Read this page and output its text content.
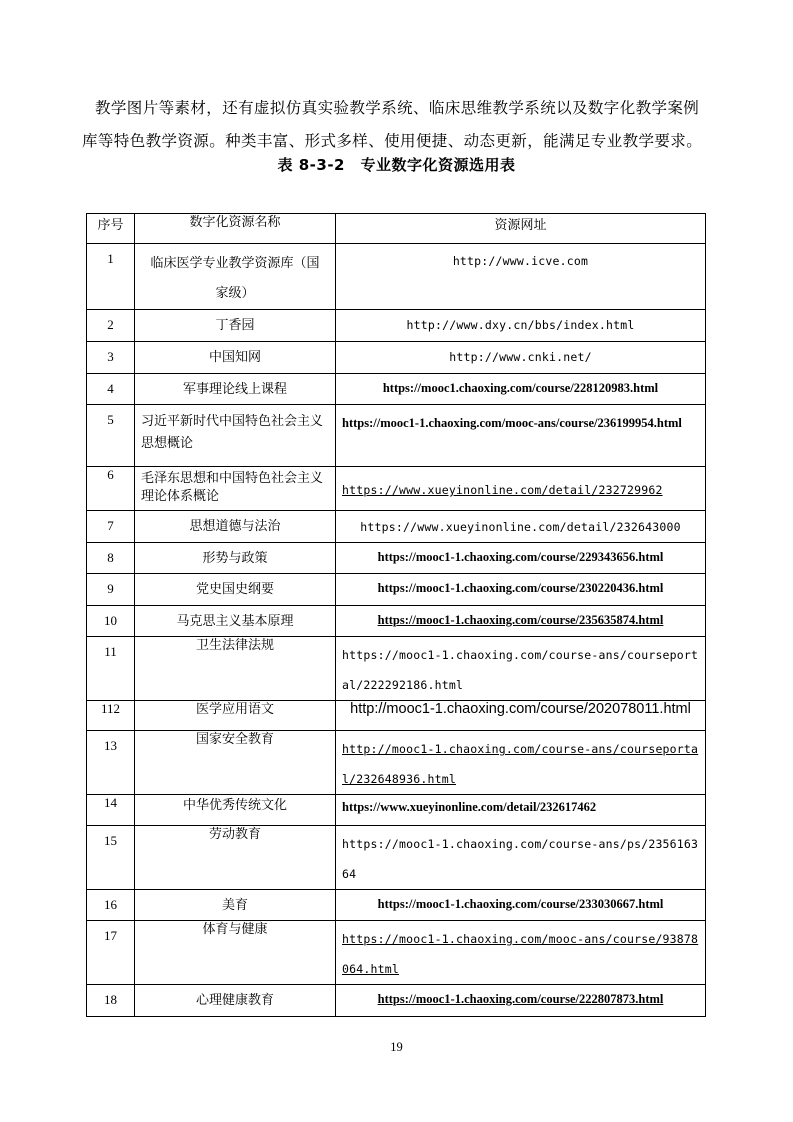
教学图片等素材，还有虚拟仿真实验教学系统、临床思维教学系统以及数字化教学案例

库等特色教学资源。种类丰富、形式多样、使用便捷、动态更新，能满足专业教学要求。

表 8-3-2　专业数字化资源选用表
序号	数字化资源名称	资源网址
1	临床医学专业教学资源库（国家级）	http://www.icve.com
2	丁香园	http://www.dxy.cn/bbs/index.html
3	中国知网	http://www.cnki.net/
4	军事理论线上课程	https://mooc1.chaoxing.com/course/228120983.html
5	习近平新时代中国特色社会主义思想概论	https://mooc1-1.chaoxing.com/mooc-ans/course/236199954.html
6	毛泽东思想和中国特色社会主义理论体系概论	https://www.xueyinonline.com/detail/232729962
7	思想道德与法治	https://www.xueyinonline.com/detail/232643000
8	形势与政策	https://mooc1-1.chaoxing.com/course/229343656.html
9	党史国史纲要	https://mooc1-1.chaoxing.com/course/230220436.html
10	马克思主义基本原理	https://mooc1-1.chaoxing.com/course/235635874.html
11	卫生法律法规	https://mooc1-1.chaoxing.com/course-ans/courseportal/222292186.html
112	医学应用语文	http://mooc1-1.chaoxing.com/course/202078011.html
13	国家安全教育	http://mooc1-1.chaoxing.com/course-ans/courseportal/232648936.html
14	中华优秀传统文化	https://www.xueyinonline.com/detail/232617462
15	劳动教育	https://mooc1-1.chaoxing.com/course-ans/ps/235616364
16	美育	https://mooc1-1.chaoxing.com/course/233030667.html
17	体育与健康	https://mooc1-1.chaoxing.com/mooc-ans/course/93878064.html
18	心理健康教育	https://mooc1-1.chaoxing.com/course/222807873.html
19
